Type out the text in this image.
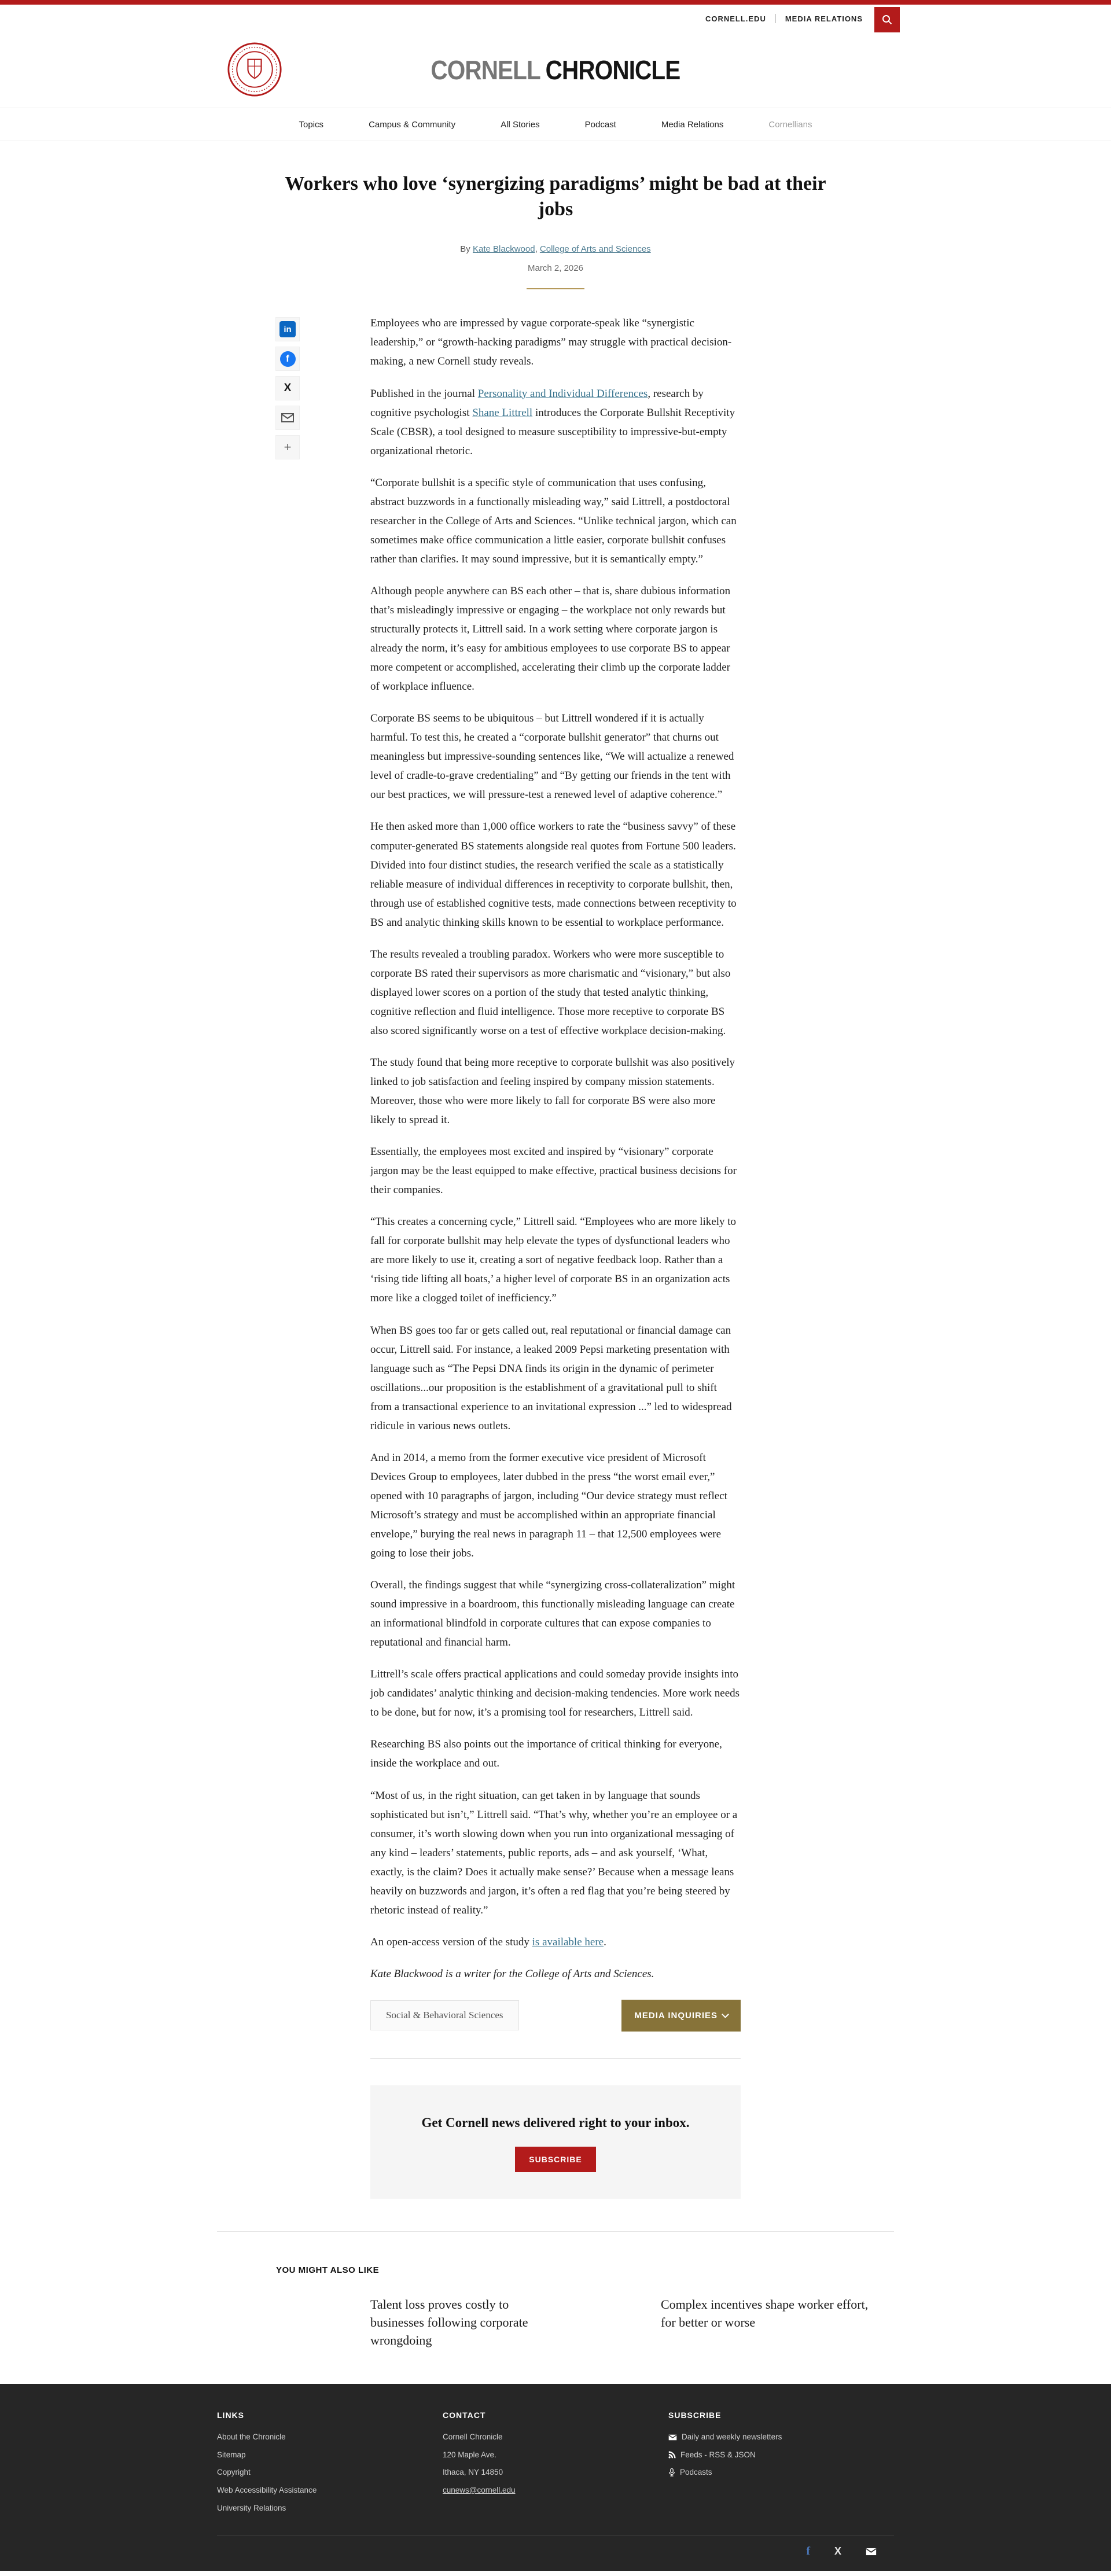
CORNELL.EDU	MEDIA RELATIONS
CORNELL CHRONICLE
Topics	Campus & Community	All Stories	Podcast	Media Relations	Cornellians
Workers who love ‘synergizing paradigms’ might be bad at their jobs
By Kate Blackwood, College of Arts and Sciences
March 2, 2026
in
f
X
+

Employees who are impressed by vague corporate-speak like “synergistic leadership,” or “growth-hacking paradigms” may struggle with practical decision-making, a new Cornell study reveals.

Published in the journal Personality and Individual Differences, research by cognitive psychologist Shane Littrell introduces the Corporate Bullshit Receptivity Scale (CBSR), a tool designed to measure susceptibility to impressive-but-empty organizational rhetoric.

“Corporate bullshit is a specific style of communication that uses confusing, abstract buzzwords in a functionally misleading way,” said Littrell, a postdoctoral researcher in the College of Arts and Sciences. “Unlike technical jargon, which can sometimes make office communication a little easier, corporate bullshit confuses rather than clarifies. It may sound impressive, but it is semantically empty.”

Although people anywhere can BS each other – that is, share dubious information that’s misleadingly impressive or engaging – the workplace not only rewards but structurally protects it, Littrell said. In a work setting where corporate jargon is already the norm, it’s easy for ambitious employees to use corporate BS to appear more competent or accomplished, accelerating their climb up the corporate ladder of workplace influence.

Corporate BS seems to be ubiquitous – but Littrell wondered if it is actually harmful. To test this, he created a “corporate bullshit generator” that churns out meaningless but impressive-sounding sentences like, “We will actualize a renewed level of cradle-to-grave credentialing” and “By getting our friends in the tent with our best practices, we will pressure-test a renewed level of adaptive coherence.”

He then asked more than 1,000 office workers to rate the “business savvy” of these computer-generated BS statements alongside real quotes from Fortune 500 leaders. Divided into four distinct studies, the research verified the scale as a statistically reliable measure of individual differences in receptivity to corporate bullshit, then, through use of established cognitive tests, made connections between receptivity to BS and analytic thinking skills known to be essential to workplace performance.

The results revealed a troubling paradox. Workers who were more susceptible to corporate BS rated their supervisors as more charismatic and “visionary,” but also displayed lower scores on a portion of the study that tested analytic thinking, cognitive reflection and fluid intelligence. Those more receptive to corporate BS also scored significantly worse on a test of effective workplace decision-making.

The study found that being more receptive to corporate bullshit was also positively linked to job satisfaction and feeling inspired by company mission statements. Moreover, those who were more likely to fall for corporate BS were also more likely to spread it.

Essentially, the employees most excited and inspired by “visionary” corporate jargon may be the least equipped to make effective, practical business decisions for their companies.

“This creates a concerning cycle,” Littrell said. “Employees who are more likely to fall for corporate bullshit may help elevate the types of dysfunctional leaders who are more likely to use it, creating a sort of negative feedback loop. Rather than a ‘rising tide lifting all boats,’ a higher level of corporate BS in an organization acts more like a clogged toilet of inefficiency.”

When BS goes too far or gets called out, real reputational or financial damage can occur, Littrell said. For instance, a leaked 2009 Pepsi marketing presentation with language such as “The Pepsi DNA finds its origin in the dynamic of perimeter oscillations...our proposition is the establishment of a gravitational pull to shift from a transactional experience to an invitational expression ...” led to widespread ridicule in various news outlets.

And in 2014, a memo from the former executive vice president of Microsoft Devices Group to employees, later dubbed in the press “the worst email ever,” opened with 10 paragraphs of jargon, including “Our device strategy must reflect Microsoft’s strategy and must be accomplished within an appropriate financial envelope,” burying the real news in paragraph 11 – that 12,500 employees were going to lose their jobs.

Overall, the findings suggest that while “synergizing cross-collateralization” might sound impressive in a boardroom, this functionally misleading language can create an informational blindfold in corporate cultures that can expose companies to reputational and financial harm.

Littrell’s scale offers practical applications and could someday provide insights into job candidates’ analytic thinking and decision-making tendencies. More work needs to be done, but for now, it’s a promising tool for researchers, Littrell said.

Researching BS also points out the importance of critical thinking for everyone, inside the workplace and out.

“Most of us, in the right situation, can get taken in by language that sounds sophisticated but isn’t,” Littrell said. “That’s why, whether you’re an employee or a consumer, it’s worth slowing down when you run into organizational messaging of any kind – leaders’ statements, public reports, ads – and ask yourself, ‘What, exactly, is the claim? Does it actually make sense?’ Because when a message leans heavily on buzzwords and jargon, it’s often a red flag that you’re being steered by rhetoric instead of reality.”

An open-access version of the study is available here.

Kate Blackwood is a writer for the College of Arts and Sciences.

Social & Behavioral Sciences	MEDIA INQUIRIES
Get Cornell news delivered right to your inbox.
SUBSCRIBE
YOU MIGHT ALSO LIKE
Talent loss proves costly to businesses following corporate wrongdoing
Complex incentives shape worker effort, for better or worse
LINKS
About the Chronicle
Sitemap
Copyright
Web Accessibility Assistance
University Relations
CONTACT
Cornell Chronicle
120 Maple Ave.
Ithaca, NY 14850
cunews@cornell.edu
SUBSCRIBE
Daily and weekly newsletters
Feeds - RSS & JSON
Podcasts
f X
